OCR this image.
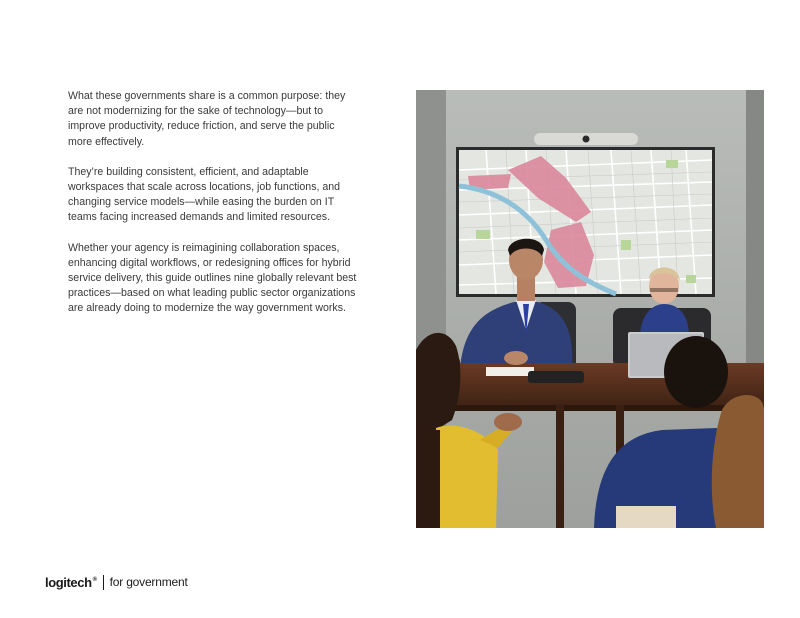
What these governments share is a common purpose: they are not modernizing for the sake of technology—but to improve productivity, reduce friction, and serve the public more effectively.

They’re building consistent, efficient, and adaptable workspaces that scale across locations, job functions, and changing service models—while easing the burden on IT teams facing increased demands and limited resources.

Whether your agency is reimagining collaboration spaces, enhancing digital workflows, or redesigning offices for hybrid service delivery, this guide outlines nine globally relevant best practices—based on what leading public sector organizations are already doing to modernize the way government works.

logitech® for government
